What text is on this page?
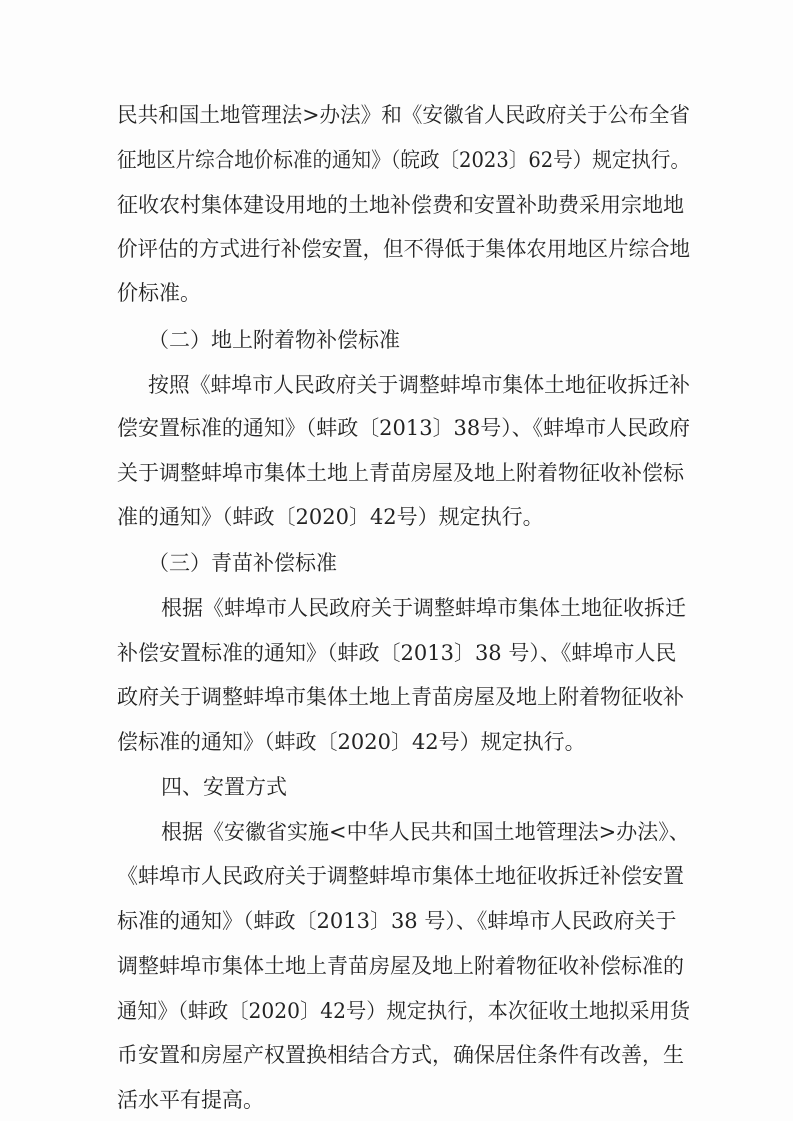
民共和国土地管理法>办法》和《安徽省人民政府关于公布全省
征地区片综合地价标准的通知》（皖政〔2023〕62号）规定执行。
征收农村集体建设用地的土地补偿费和安置补助费采用宗地地
价评估的方式进行补偿安置，但不得低于集体农用地区片综合地
价标准。
（二）地上附着物补偿标准
按照《蚌埠市人民政府关于调整蚌埠市集体土地征收拆迁补
偿安置标准的通知》（蚌政〔2013〕38号）、《蚌埠市人民政府
关于调整蚌埠市集体土地上青苗房屋及地上附着物征收补偿标
准的通知》（蚌政〔2020〕42号）规定执行。
（三）青苗补偿标准
根据《蚌埠市人民政府关于调整蚌埠市集体土地征收拆迁
补偿安置标准的通知》（蚌政〔2013〕38 号）、《蚌埠市人民
政府关于调整蚌埠市集体土地上青苗房屋及地上附着物征收补
偿标准的通知》（蚌政〔2020〕42号）规定执行。
四、安置方式
根据《安徽省实施<中华人民共和国土地管理法>办法》、
《蚌埠市人民政府关于调整蚌埠市集体土地征收拆迁补偿安置
标准的通知》（蚌政〔2013〕38 号）、《蚌埠市人民政府关于
调整蚌埠市集体土地上青苗房屋及地上附着物征收补偿标准的
通知》（蚌政〔2020〕42号）规定执行，本次征收土地拟采用货
币安置和房屋产权置换相结合方式，确保居住条件有改善，生
活水平有提高。
